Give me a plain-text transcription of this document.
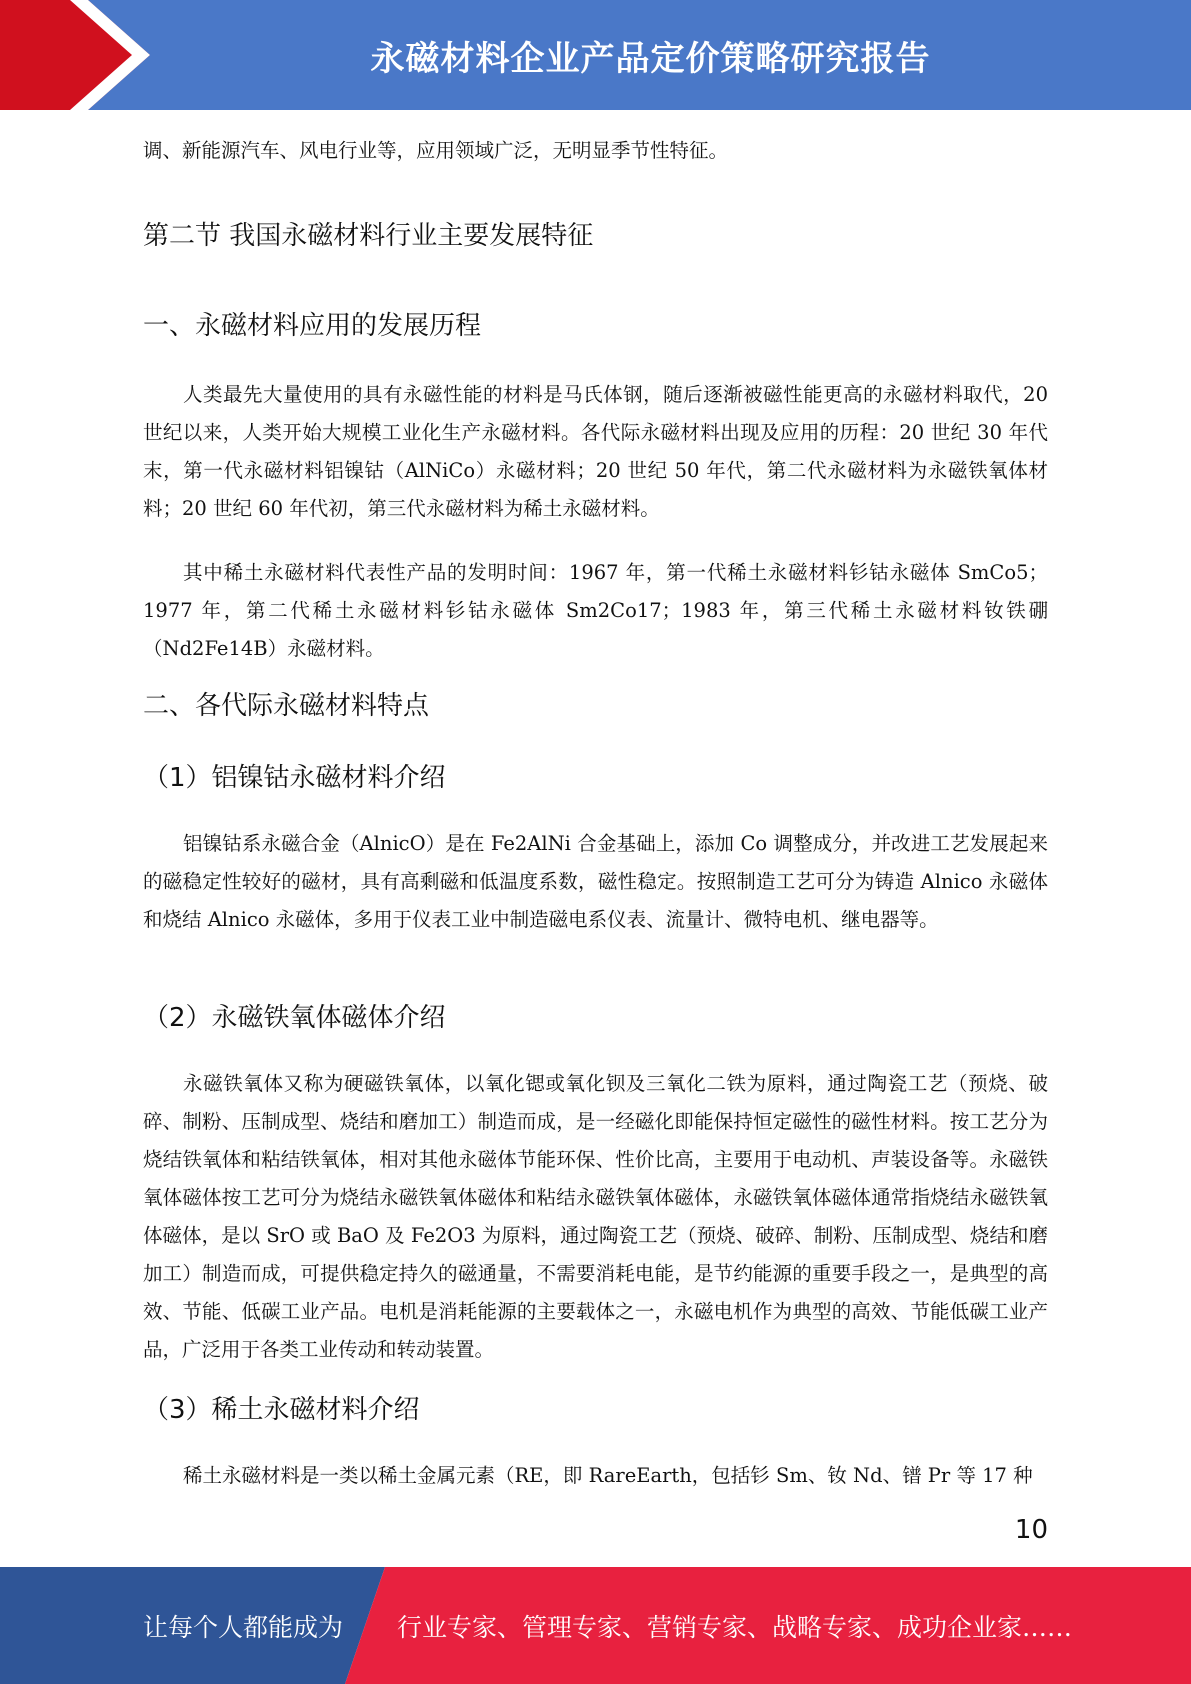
永磁材料企业产品定价策略研究报告

调、新能源汽车、风电行业等，应用领域广泛，无明显季节性特征。

第二节 我国永磁材料行业主要发展特征
一、永磁材料应用的发展历程

人类最先大量使用的具有永磁性能的材料是马氏体钢，随后逐渐被磁性能更高的永磁材料取代，20 世纪以来，人类开始大规模工业化生产永磁材料。各代际永磁材料出现及应用的历程：20 世纪 30 年代末，第一代永磁材料铝镍钴（AlNiCo）永磁材料；20 世纪 50 年代，第二代永磁材料为永磁铁氧体材料；20 世纪 60 年代初，第三代永磁材料为稀土永磁材料。

其中稀土永磁材料代表性产品的发明时间：1967 年，第一代稀土永磁材料钐钴永磁体 SmCo5；1977 年，第二代稀土永磁材料钐钴永磁体 Sm2Co17；1983 年，第三代稀土永磁材料钕铁硼（Nd2Fe14B）永磁材料。

二、各代际永磁材料特点
（1）铝镍钴永磁材料介绍

铝镍钴系永磁合金（AlnicO）是在 Fe2AlNi 合金基础上，添加 Co 调整成分，并改进工艺发展起来的磁稳定性较好的磁材，具有高剩磁和低温度系数，磁性稳定。按照制造工艺可分为铸造 Alnico 永磁体和烧结 Alnico 永磁体，多用于仪表工业中制造磁电系仪表、流量计、微特电机、继电器等。

（2）永磁铁氧体磁体介绍

永磁铁氧体又称为硬磁铁氧体，以氧化锶或氧化钡及三氧化二铁为原料，通过陶瓷工艺（预烧、破碎、制粉、压制成型、烧结和磨加工）制造而成，是一经磁化即能保持恒定磁性的磁性材料。按工艺分为烧结铁氧体和粘结铁氧体，相对其他永磁体节能环保、性价比高，主要用于电动机、声装设备等。永磁铁氧体磁体按工艺可分为烧结永磁铁氧体磁体和粘结永磁铁氧体磁体，永磁铁氧体磁体通常指烧结永磁铁氧体磁体，是以 SrO 或 BaO 及 Fe2O3 为原料，通过陶瓷工艺（预烧、破碎、制粉、压制成型、烧结和磨加工）制造而成，可提供稳定持久的磁通量，不需要消耗电能，是节约能源的重要手段之一，是典型的高效、节能、低碳工业产品。电机是消耗能源的主要载体之一，永磁电机作为典型的高效、节能低碳工业产品，广泛用于各类工业传动和转动装置。

（3）稀土永磁材料介绍

稀土永磁材料是一类以稀土金属元素（RE，即 RareEarth，包括钐 Sm、钕 Nd、镨 Pr 等 17 种

10
让每个人都能成为 行业专家、管理专家、营销专家、战略专家、成功企业家……
